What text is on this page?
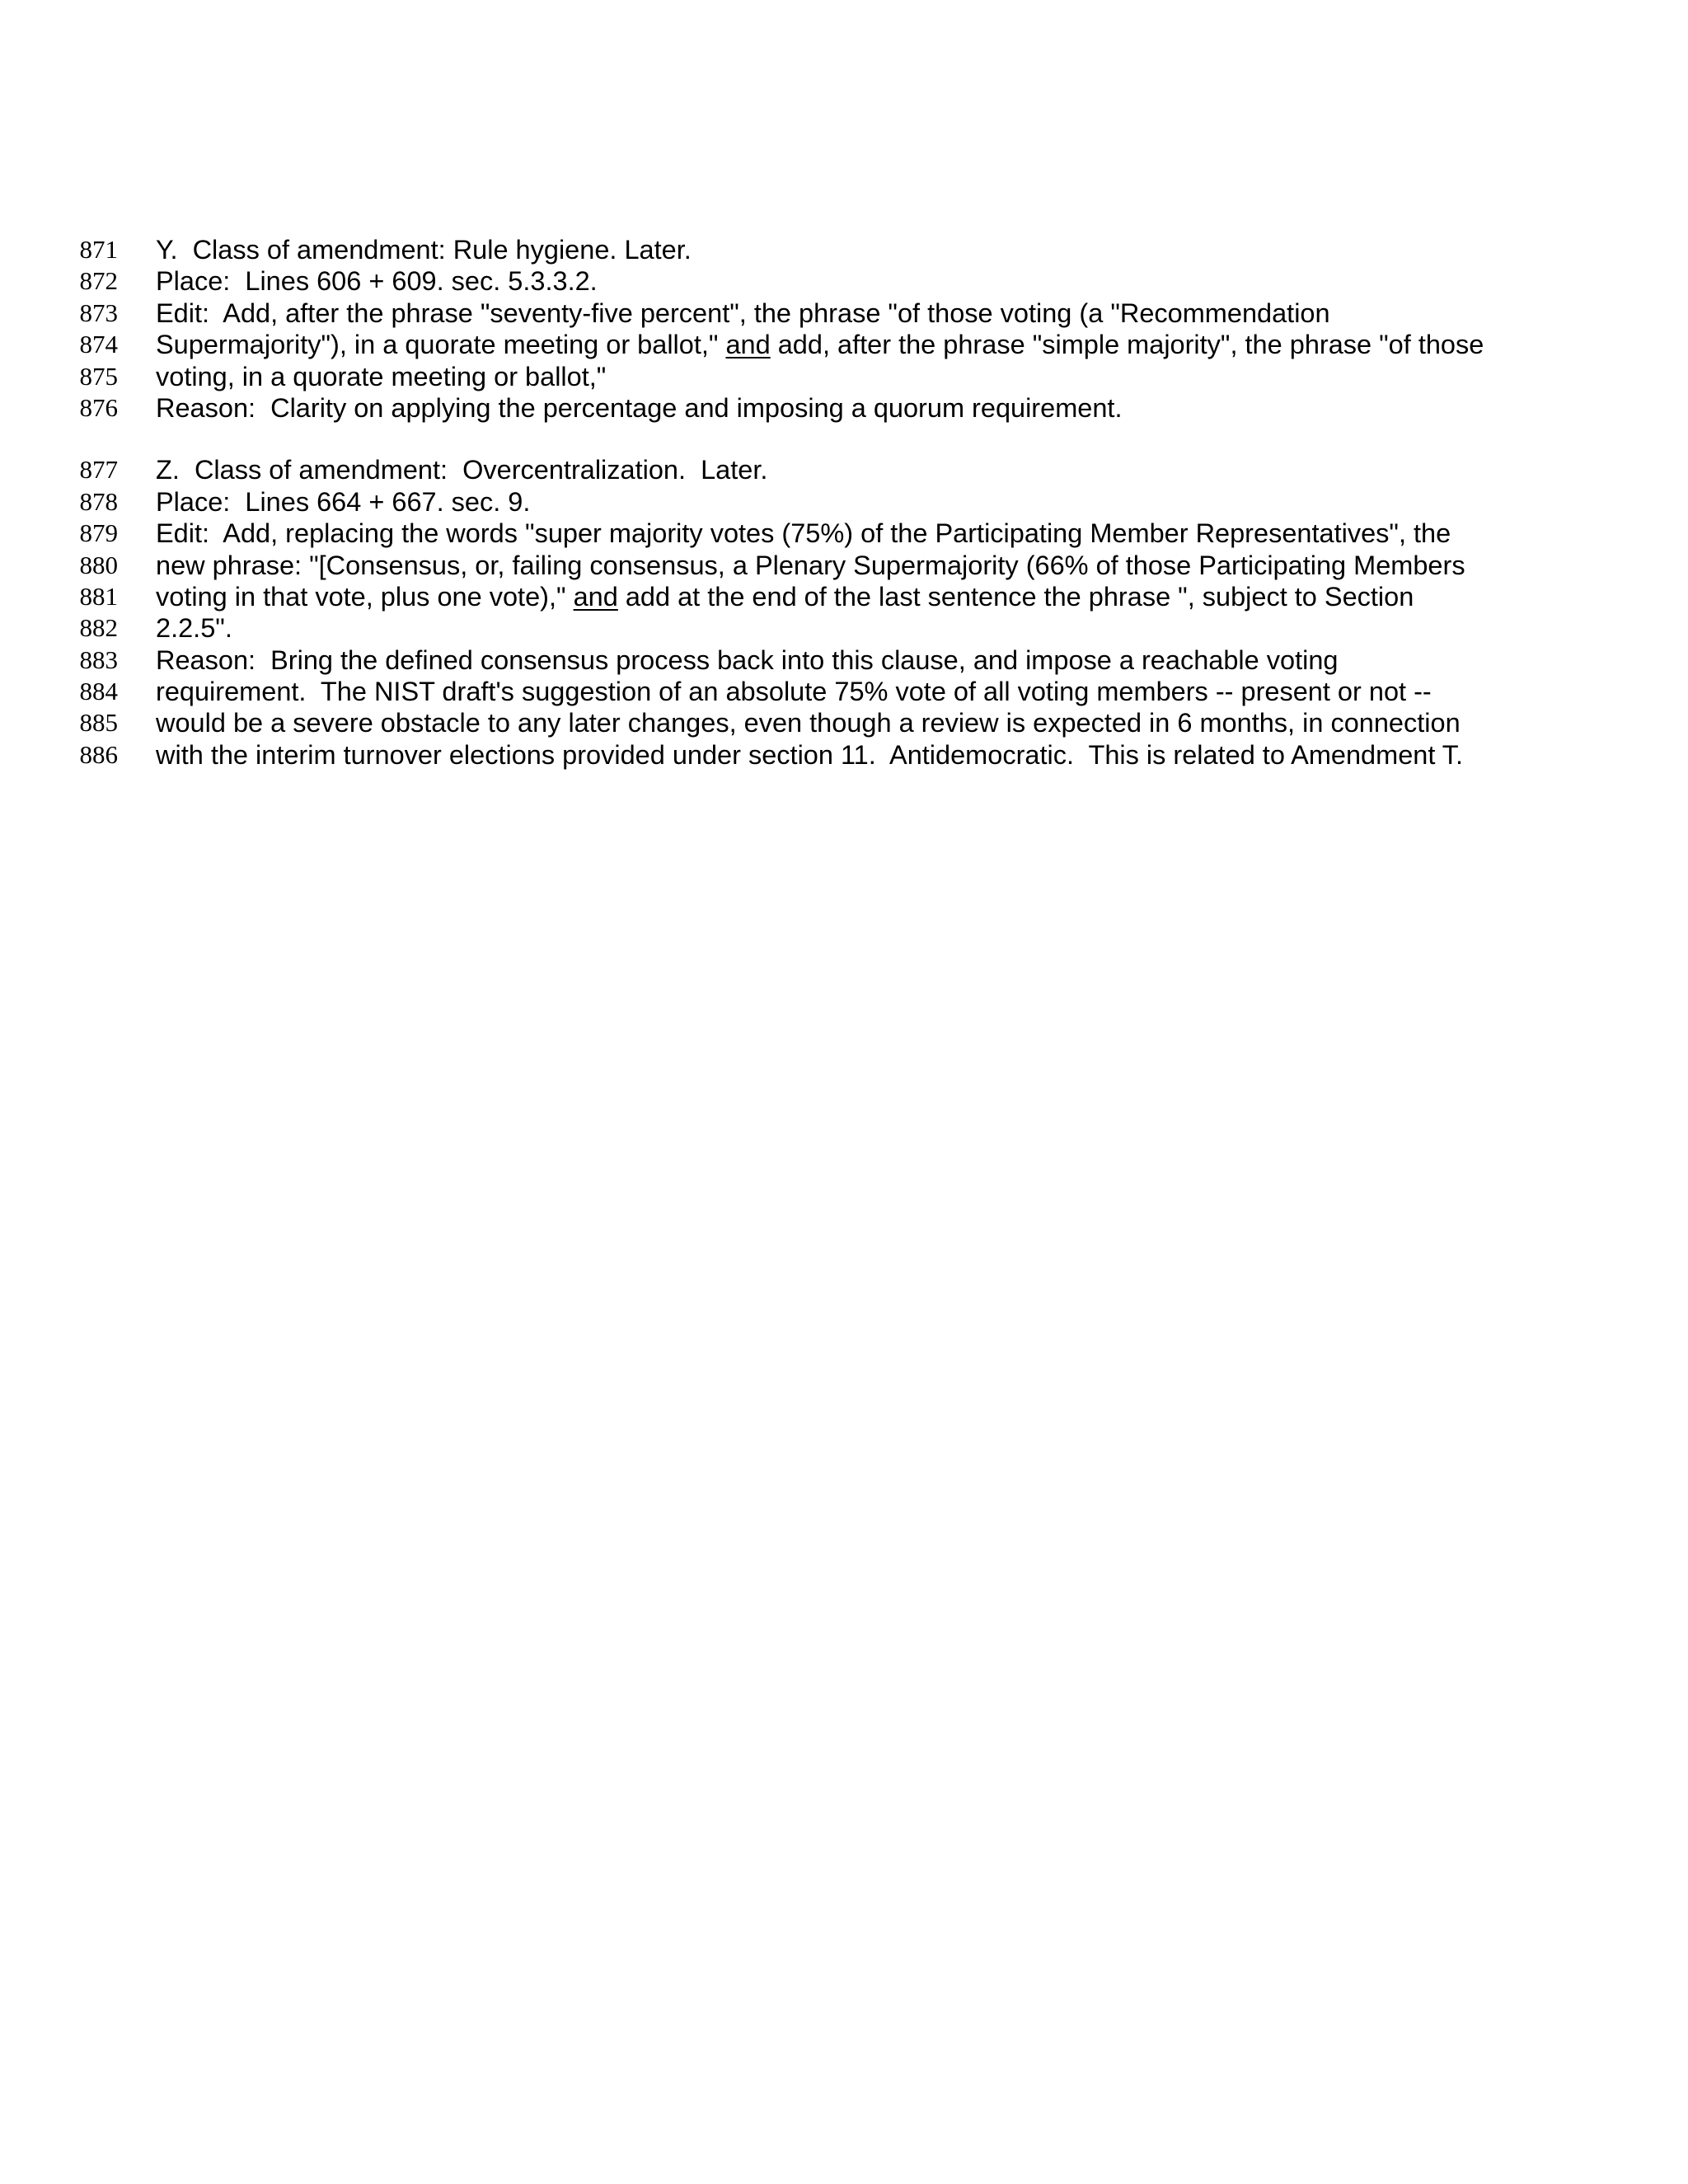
871 Y.  Class of amendment: Rule hygiene. Later.
872 Place:  Lines 606 + 609. sec. 5.3.3.2.
873 Edit:  Add, after the phrase "seventy-five percent", the phrase "of those voting (a "Recommendation
874 Supermajority"), in a quorate meeting or ballot," and add, after the phrase "simple majority", the phrase "of those
875 voting, in a quorate meeting or ballot,"
876 Reason:  Clarity on applying the percentage and imposing a quorum requirement.
877 Z.  Class of amendment:  Overcentralization.  Later.
878 Place:  Lines 664 + 667. sec. 9.
879 Edit:  Add, replacing the words "super majority votes (75%) of the Participating Member Representatives", the
880 new phrase: "[Consensus, or, failing consensus, a Plenary Supermajority (66% of those Participating Members
881 voting in that vote, plus one vote)," and add at the end of the last sentence the phrase ", subject to Section
882 2.2.5".
883 Reason:  Bring the defined consensus process back into this clause, and impose a reachable voting
884 requirement.  The NIST draft's suggestion of an absolute 75% vote of all voting members -- present or not --
885 would be a severe obstacle to any later changes, even though a review is expected in 6 months, in connection
886 with the interim turnover elections provided under section 11.  Antidemocratic.  This is related to Amendment T.
